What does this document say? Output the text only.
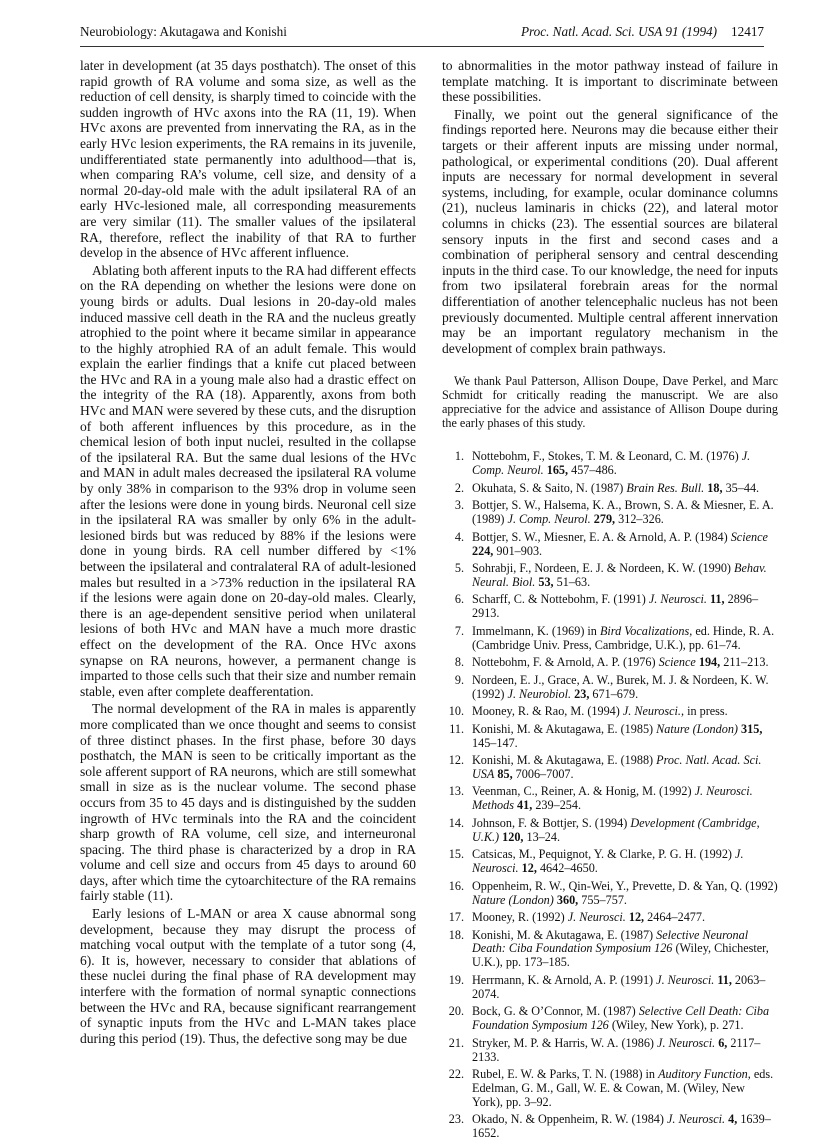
Neurobiology: Akutagawa and Konishi	Proc. Natl. Acad. Sci. USA 91 (1994) 12417

later in development (at 35 days posthatch). The onset of this rapid growth of RA volume and soma size, as well as the reduction of cell density, is sharply timed to coincide with the sudden ingrowth of HVc axons into the RA (11, 19). When HVc axons are prevented from innervating the RA, as in the early HVc lesion experiments, the RA remains in its juvenile, undifferentiated state permanently into adulthood—that is, when comparing RA’s volume, cell size, and density of a normal 20-day-old male with the adult ipsilateral RA of an early HVc-lesioned male, all corresponding measurements are very similar (11). The smaller values of the ipsilateral RA, therefore, reflect the inability of that RA to further develop in the absence of HVc afferent influence.

Ablating both afferent inputs to the RA had different effects on the RA depending on whether the lesions were done on young birds or adults. Dual lesions in 20-day-old males induced massive cell death in the RA and the nucleus greatly atrophied to the point where it became similar in appearance to the highly atrophied RA of an adult female. This would explain the earlier findings that a knife cut placed between the HVc and RA in a young male also had a drastic effect on the integrity of the RA (18). Apparently, axons from both HVc and MAN were severed by these cuts, and the disruption of both afferent influences by this procedure, as in the chemical lesion of both input nuclei, resulted in the collapse of the ipsilateral RA. But the same dual lesions of the HVc and MAN in adult males decreased the ipsilateral RA volume by only 38% in comparison to the 93% drop in volume seen after the lesions were done in young birds. Neuronal cell size in the ipsilateral RA was smaller by only 6% in the adult-lesioned birds but was reduced by 88% if the lesions were done in young birds. RA cell number differed by <1% between the ipsilateral and contralateral RA of adult-lesioned males but resulted in a >73% reduction in the ipsilateral RA if the lesions were again done on 20-day-old males. Clearly, there is an age-dependent sensitive period when unilateral lesions of both HVc and MAN have a much more drastic effect on the development of the RA. Once HVc axons synapse on RA neurons, however, a permanent change is imparted to those cells such that their size and number remain stable, even after complete deafferentation.

The normal development of the RA in males is apparently more complicated than we once thought and seems to consist of three distinct phases. In the first phase, before 30 days posthatch, the MAN is seen to be critically important as the sole afferent support of RA neurons, which are still somewhat small in size as is the nuclear volume. The second phase occurs from 35 to 45 days and is distinguished by the sudden ingrowth of HVc terminals into the RA and the coincident sharp growth of RA volume, cell size, and interneuronal spacing. The third phase is characterized by a drop in RA volume and cell size and occurs from 45 days to around 60 days, after which time the cytoarchitecture of the RA remains fairly stable (11).

Early lesions of L-MAN or area X cause abnormal song development, because they may disrupt the process of matching vocal output with the template of a tutor song (4, 6). It is, however, necessary to consider that ablations of these nuclei during the final phase of RA development may interfere with the formation of normal synaptic connections between the HVc and RA, because significant rearrangement of synaptic inputs from the HVc and L-MAN takes place during this period (19). Thus, the defective song may be due

to abnormalities in the motor pathway instead of failure in template matching. It is important to discriminate between these possibilities.

Finally, we point out the general significance of the findings reported here. Neurons may die because either their targets or their afferent inputs are missing under normal, pathological, or experimental conditions (20). Dual afferent inputs are necessary for normal development in several systems, including, for example, ocular dominance columns (21), nucleus laminaris in chicks (22), and lateral motor columns in chicks (23). The essential sources are bilateral sensory inputs in the first and second cases and a combination of peripheral sensory and central descending inputs in the third case. To our knowledge, the need for inputs from two ipsilateral forebrain areas for the normal differentiation of another telencephalic nucleus has not been previously documented. Multiple central afferent innervation may be an important regulatory mechanism in the development of complex brain pathways.

We thank Paul Patterson, Allison Doupe, Dave Perkel, and Marc Schmidt for critically reading the manuscript. We are also appreciative for the advice and assistance of Allison Doupe during the early phases of this study.

1. Nottebohm, F., Stokes, T. M. & Leonard, C. M. (1976) J. Comp. Neurol. 165, 457–486.
2. Okuhata, S. & Saito, N. (1987) Brain Res. Bull. 18, 35–44.
3. Bottjer, S. W., Halsema, K. A., Brown, S. A. & Miesner, E. A. (1989) J. Comp. Neurol. 279, 312–326.
4. Bottjer, S. W., Miesner, E. A. & Arnold, A. P. (1984) Science 224, 901–903.
5. Sohrabji, F., Nordeen, E. J. & Nordeen, K. W. (1990) Behav. Neural. Biol. 53, 51–63.
6. Scharff, C. & Nottebohm, F. (1991) J. Neurosci. 11, 2896–2913.
7. Immelmann, K. (1969) in Bird Vocalizations, ed. Hinde, R. A. (Cambridge Univ. Press, Cambridge, U.K.), pp. 61–74.
8. Nottebohm, F. & Arnold, A. P. (1976) Science 194, 211–213.
9. Nordeen, E. J., Grace, A. W., Burek, M. J. & Nordeen, K. W. (1992) J. Neurobiol. 23, 671–679.
10. Mooney, R. & Rao, M. (1994) J. Neurosci., in press.
11. Konishi, M. & Akutagawa, E. (1985) Nature (London) 315, 145–147.
12. Konishi, M. & Akutagawa, E. (1988) Proc. Natl. Acad. Sci. USA 85, 7006–7007.
13. Veenman, C., Reiner, A. & Honig, M. (1992) J. Neurosci. Methods 41, 239–254.
14. Johnson, F. & Bottjer, S. (1994) Development (Cambridge, U.K.) 120, 13–24.
15. Catsicas, M., Pequignot, Y. & Clarke, P. G. H. (1992) J. Neurosci. 12, 4642–4650.
16. Oppenheim, R. W., Qin-Wei, Y., Prevette, D. & Yan, Q. (1992) Nature (London) 360, 755–757.
17. Mooney, R. (1992) J. Neurosci. 12, 2464–2477.
18. Konishi, M. & Akutagawa, E. (1987) Selective Neuronal Death: Ciba Foundation Symposium 126 (Wiley, Chichester, U.K.), pp. 173–185.
19. Herrmann, K. & Arnold, A. P. (1991) J. Neurosci. 11, 2063–2074.
20. Bock, G. & O’Connor, M. (1987) Selective Cell Death: Ciba Foundation Symposium 126 (Wiley, New York), p. 271.
21. Stryker, M. P. & Harris, W. A. (1986) J. Neurosci. 6, 2117–2133.
22. Rubel, E. W. & Parks, T. N. (1988) in Auditory Function, eds. Edelman, G. M., Gall, W. E. & Cowan, M. (Wiley, New York), pp. 3–92.
23. Okado, N. & Oppenheim, R. W. (1984) J. Neurosci. 4, 1639–1652.
